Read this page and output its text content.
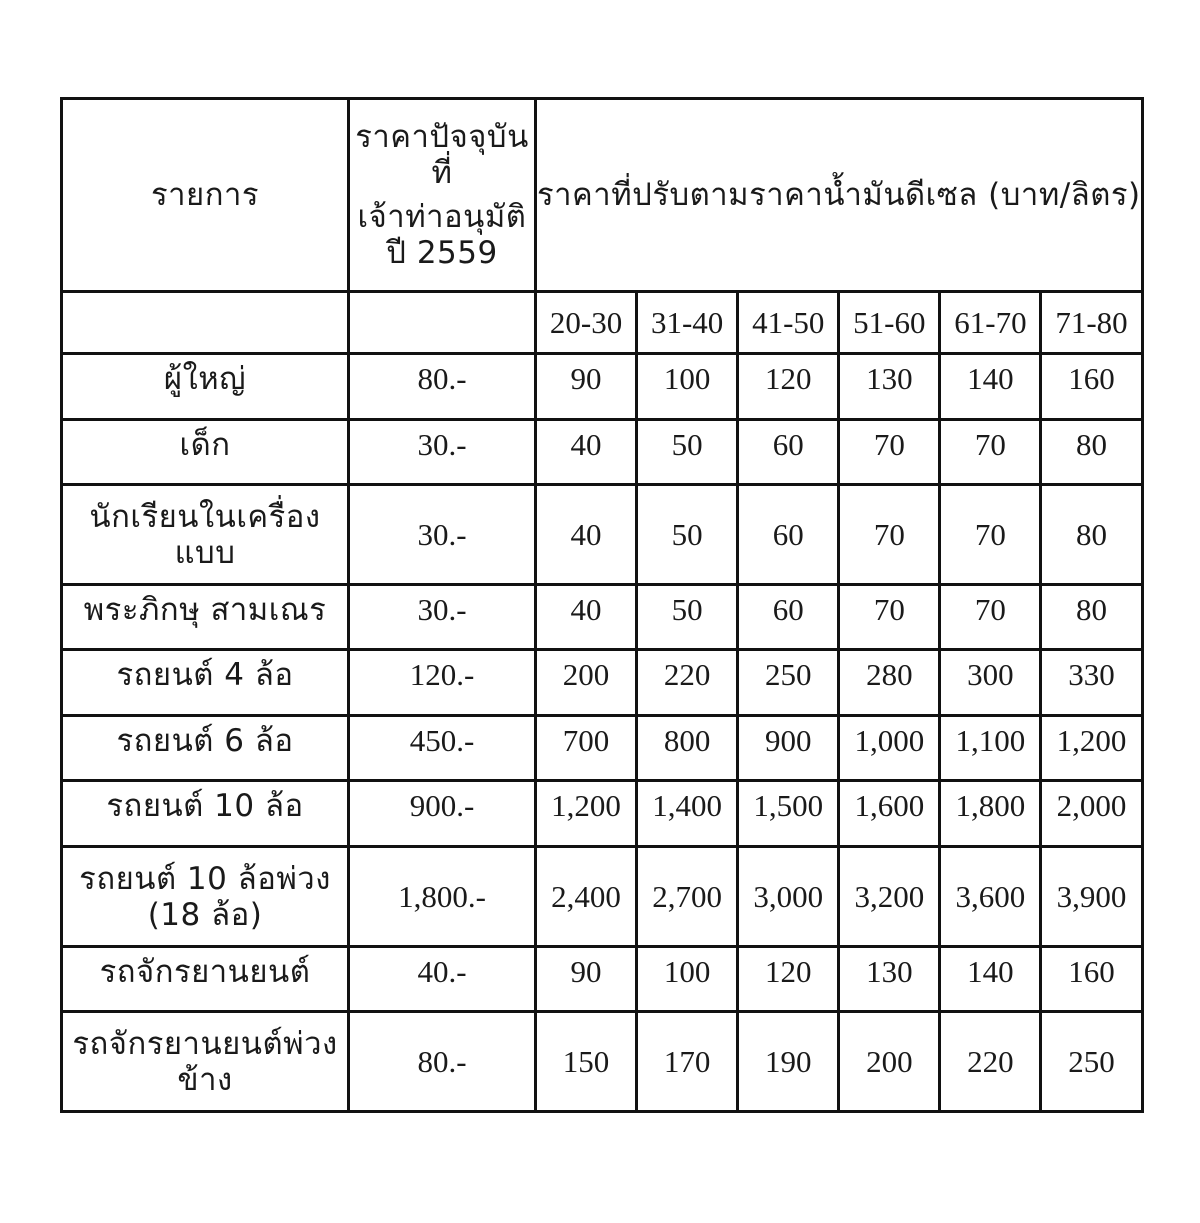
รายการ	ราคาปัจจุบัน
ที่
เจ้าท่าอนุมัติ
ปี 2559	ราคาที่ปรับตามราคาน้ำมันดีเซล (บาท/ลิตร)					
		20-30	31-40	41-50	51-60	61-70	71-80

ผู้ใหญ่	80.-	90	100	120	130	140	160

เด็ก	30.-	40	50	60	70	70	80

นักเรียนในเครื่อง
แบบ	30.-	40	50	60	70	70	80

พระภิกษุ สามเณร	30.-	40	50	60	70	70	80

รถยนต์ 4 ล้อ	120.-	200	220	250	280	300	330

รถยนต์ 6 ล้อ	450.-	700	800	900	1,000	1,100	1,200

รถยนต์ 10 ล้อ	900.-	1,200	1,400	1,500	1,600	1,800	2,000

รถยนต์ 10 ล้อพ่วง
(18 ล้อ)	1,800.-	2,400	2,700	3,000	3,200	3,600	3,900

รถจักรยานยนต์	40.-	90	100	120	130	140	160

รถจักรยานยนต์พ่วง
ข้าง	80.-	150	170	190	200	220	250
